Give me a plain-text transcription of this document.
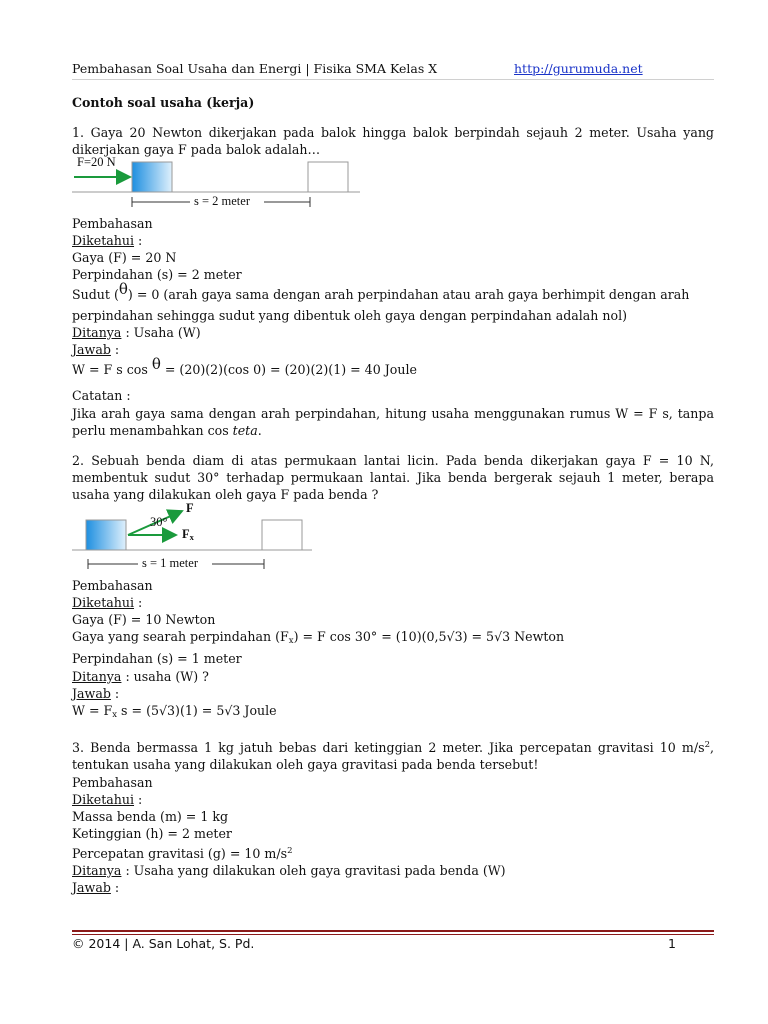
Pembahasan Soal Usaha dan Energi | Fisika SMA Kelas X	http://gurumuda.net

Contoh soal usaha (kerja)

1. Gaya 20 Newton dikerjakan pada balok hingga balok berpindah sejauh 2 meter. Usaha yang dikerjakan gaya F pada balok adalah…

F=20 N
s = 2 meter

Pembahasan

Diketahui :

Gaya (F) = 20 N

Perpindahan (s) = 2 meter

Sudut (θ) = 0 (arah gaya sama dengan arah perpindahan atau arah gaya berhimpit dengan arah

perpindahan sehingga sudut yang dibentuk oleh gaya dengan perpindahan adalah nol)

Ditanya : Usaha (W)

Jawab :

W = F s cos θ = (20)(2)(cos 0) = (20)(2)(1) = 40 Joule

Catatan :

Jika arah gaya sama dengan arah perpindahan, hitung usaha menggunakan rumus W = F s, tanpa perlu menambahkan cos teta.

2. Sebuah benda diam di atas permukaan lantai licin. Pada benda dikerjakan gaya F = 10 N, membentuk sudut 30° terhadap permukaan lantai. Jika benda bergerak sejauh 1 meter, berapa usaha yang dilakukan oleh gaya F pada benda ?

F
30°
$F_x$
s = 1 meter

Pembahasan

Diketahui :

Gaya (F) = 10 Newton

Gaya yang searah perpindahan $(F_x) = F$ cos 30° = (10)(0,5√3) = 5√3 Newton

Perpindahan (s) = 1 meter

Ditanya : usaha (W) ?

Jawab :

$W = F_x$ s = (5√3)(1) = 5√3 Joule

3. Benda bermassa 1 kg jatuh bebas dari ketinggian 2 meter. Jika percepatan gravitasi 10 $m/s^2$, tentukan usaha yang dilakukan oleh gaya gravitasi pada benda tersebut!

Pembahasan

Diketahui :

Massa benda (m) = 1 kg

Ketinggian (h) = 2 meter

Percepatan gravitasi (g) = 10 $m/s^2$

Ditanya : Usaha yang dilakukan oleh gaya gravitasi pada benda (W)

Jawab :

© 2014 | A. San Lohat, S. Pd.	1
